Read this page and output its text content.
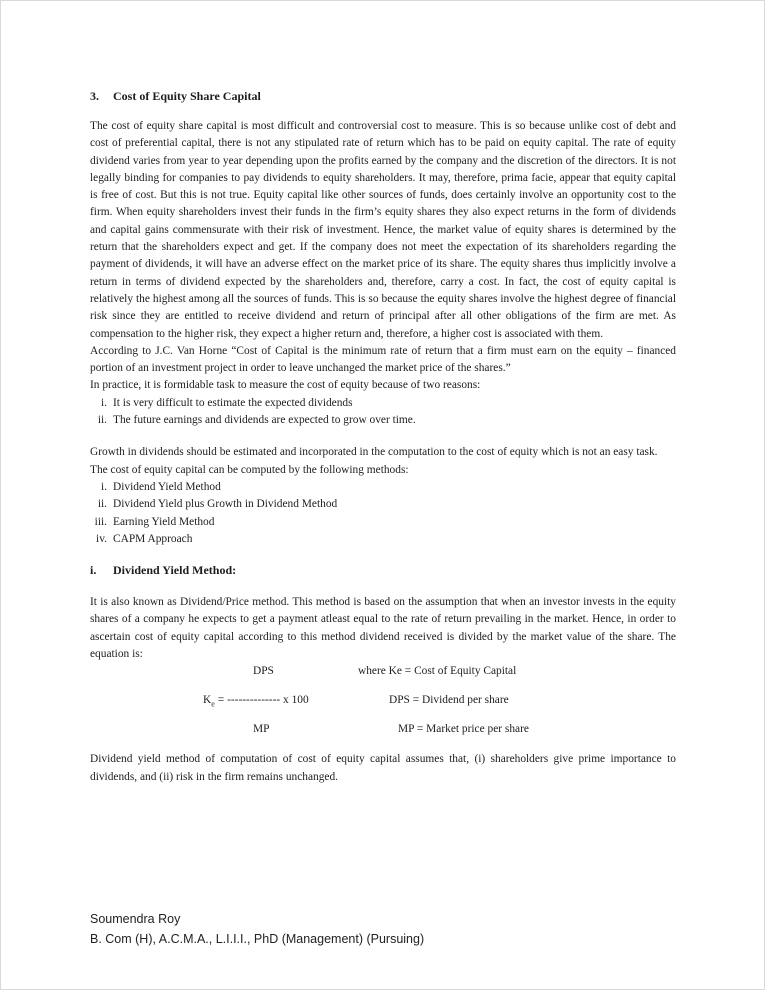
3.	Cost of Equity Share Capital

The cost of equity share capital is most difficult and controversial cost to measure. This is so because unlike cost of debt and cost of preferential capital, there is not any stipulated rate of return which has to be paid on equity capital. The rate of equity dividend varies from year to year depending upon the profits earned by the company and the discretion of the directors. It is not legally binding for companies to pay dividends to equity shareholders. It may, therefore, prima facie, appear that equity capital is free of cost. But this is not true. Equity capital like other sources of funds, does certainly involve an opportunity cost to the firm. When equity shareholders invest their funds in the firm’s equity shares they also expect returns in the form of dividends and capital gains commensurate with their risk of investment. Hence, the market value of equity shares is determined by the return that the shareholders expect and get. If the company does not meet the expectation of its shareholders regarding the payment of dividends, it will have an adverse effect on the market price of its share. The equity shares thus implicitly involve a return in terms of dividend expected by the shareholders and, therefore, carry a cost. In fact, the cost of equity capital is relatively the highest among all the sources of funds. This is so because the equity shares involve the highest degree of financial risk since they are entitled to receive dividend and return of principal after all other obligations of the firm are met. As compensation to the higher risk, they expect a higher return and, therefore, a higher cost is associated with them.

According to J.C. Van Horne “Cost of Capital is the minimum rate of return that a firm must earn on the equity – financed portion of an investment project in order to leave unchanged the market price of the shares.”

In practice, it is formidable task to measure the cost of equity because of two reasons:

i. It is very difficult to estimate the expected dividends
ii. The future earnings and dividends are expected to grow over time.

Growth in dividends should be estimated and incorporated in the computation to the cost of equity which is not an easy task.

The cost of equity capital can be computed by the following methods:

i. Dividend Yield Method
ii. Dividend Yield plus Growth in Dividend Method
iii. Earning Yield Method
iv. CAPM Approach
i.	Dividend Yield Method:

It is also known as Dividend/Price method. This method is based on the assumption that when an investor invests in the equity shares of a company he expects to get a payment atleast equal to the rate of return prevailing in the market. Hence, in order to ascertain cost of equity capital according to this method dividend received is divided by the market value of the share. The equation is:

DPS	where Ke = Cost of Equity Capital
$K_e$ = -------------- x 100	DPS = Dividend per share
MP	MP = Market price per share

Dividend yield method of computation of cost of equity capital assumes that, (i) shareholders give prime importance to dividends, and (ii) risk in the firm remains unchanged.

Soumendra Roy
B. Com (H), A.C.M.A., L.I.I.I., PhD (Management) (Pursuing)
